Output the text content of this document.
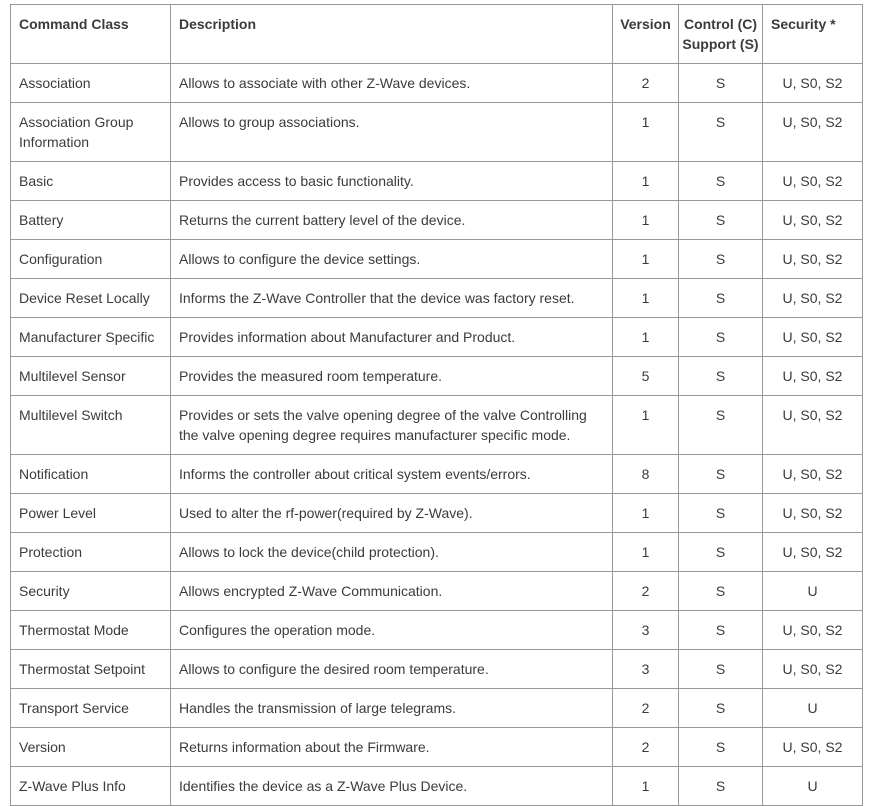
Command Class	Description	Version	Control (C) Support (S)	Security *
Association	Allows to associate with other Z-Wave devices.	2	S	U, S0, S2
Association Group Information	Allows to group associations.	1	S	U, S0, S2
Basic	Provides access to basic functionality.	1	S	U, S0, S2
Battery	Returns the current battery level of the device.	1	S	U, S0, S2
Configuration	Allows to configure the device settings.	1	S	U, S0, S2
Device Reset Locally	Informs the Z-Wave Controller that the device was factory reset.	1	S	U, S0, S2
Manufacturer Specific	Provides information about Manufacturer and Product.	1	S	U, S0, S2
Multilevel Sensor	Provides the measured room temperature.	5	S	U, S0, S2
Multilevel Switch	Provides or sets the valve opening degree of the valve Controlling the valve opening degree requires manufacturer specific mode.	1	S	U, S0, S2
Notification	Informs the controller about critical system events/errors.	8	S	U, S0, S2
Power Level	Used to alter the rf-power(required by Z-Wave).	1	S	U, S0, S2
Protection	Allows to lock the device(child protection).	1	S	U, S0, S2
Security	Allows encrypted Z-Wave Communication.	2	S	U
Thermostat Mode	Configures the operation mode.	3	S	U, S0, S2
Thermostat Setpoint	Allows to configure the desired room temperature.	3	S	U, S0, S2
Transport Service	Handles the transmission of large telegrams.	2	S	U
Version	Returns information about the Firmware.	2	S	U, S0, S2
Z-Wave Plus Info	Identifies the device as a Z-Wave Plus Device.	1	S	U
